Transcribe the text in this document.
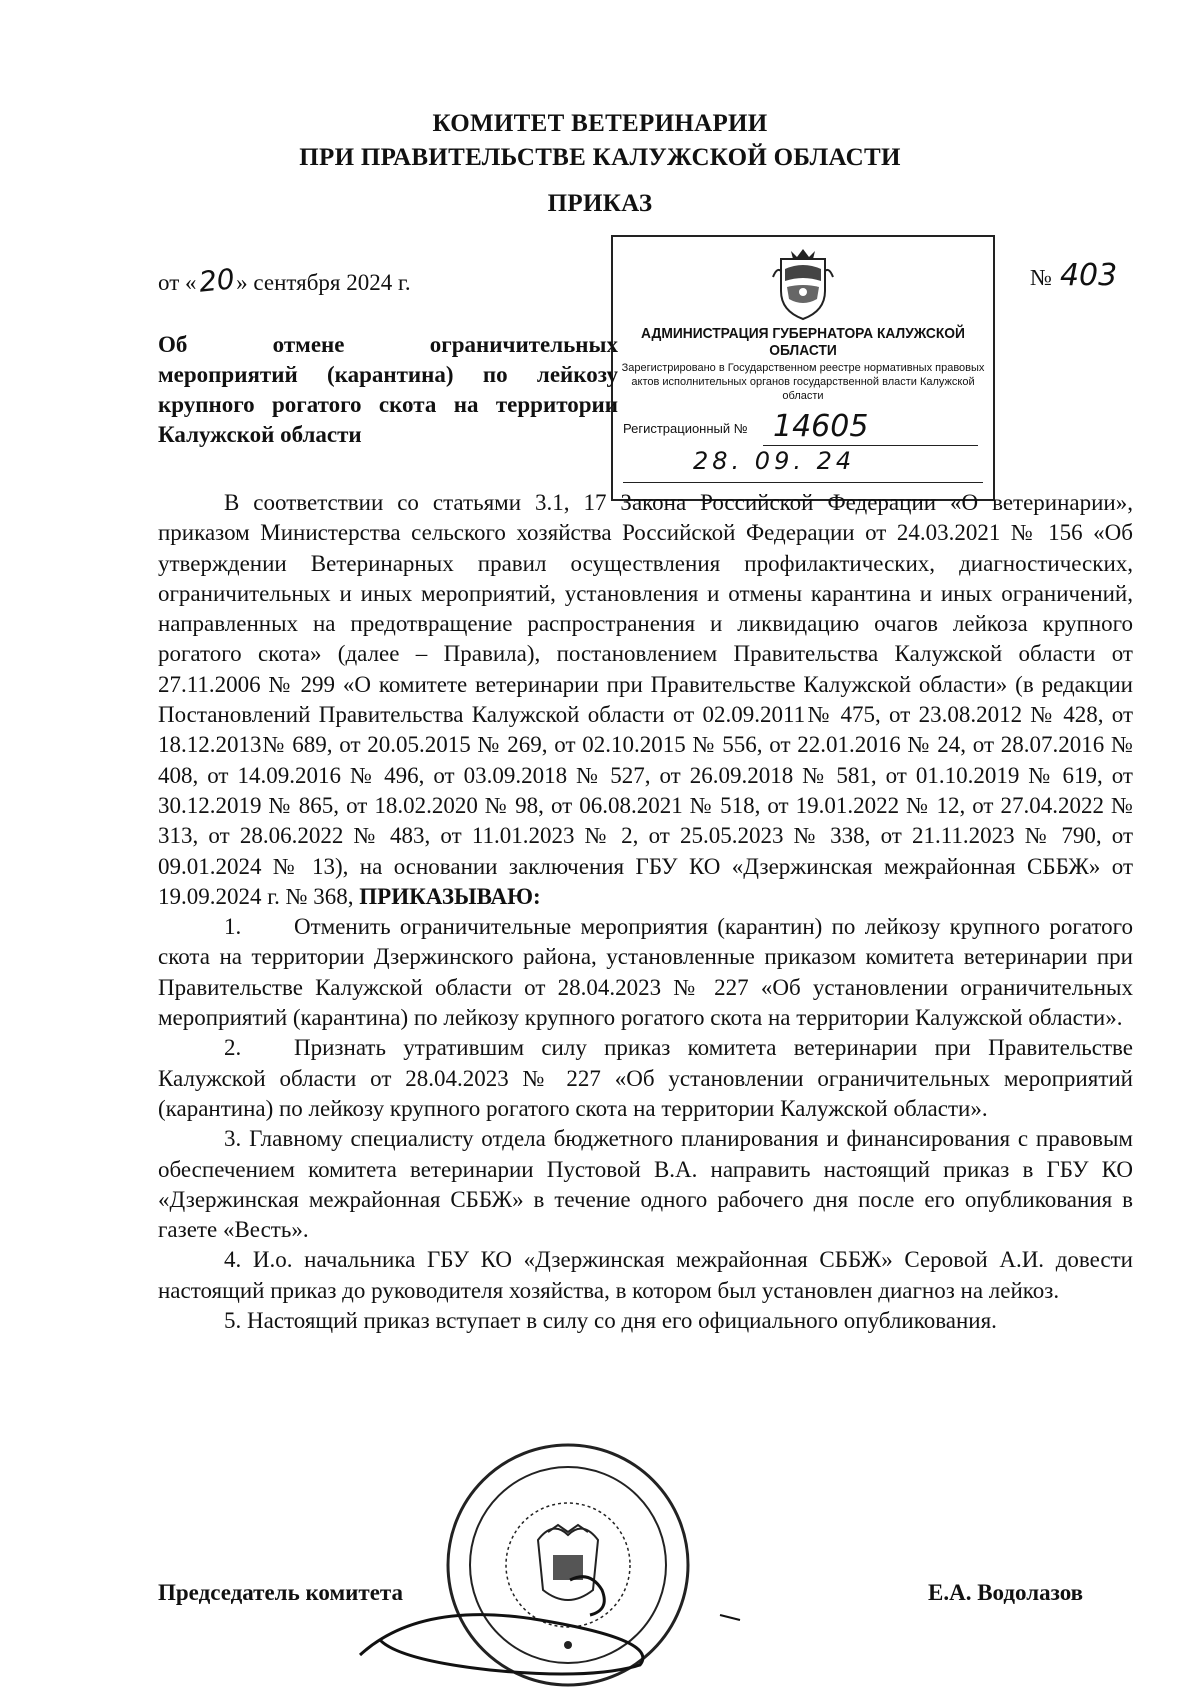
КОМИТЕТ ВЕТЕРИНАРИИ
ПРИ ПРАВИТЕЛЬСТВЕ КАЛУЖСКОЙ ОБЛАСТИ
ПРИКАЗ
от «20» сентября 2024 г.	№ 403
АДМИНИСТРАЦИЯ ГУБЕРНАТОРА КАЛУЖСКОЙ ОБЛАСТИ
Зарегистрировано в Государственном реестре нормативных правовых актов исполнительных органов государственной власти Калужской области
Регистрационный № 14605
28. 09. 24
Об отмене ограничительных
мероприятий (карантина) по лейкозу
крупного рогатого скота на территории
Калужской области

В соответствии со статьями 3.1, 17 Закона Российской Федерации «О ветеринарии», приказом Министерства сельского хозяйства Российской Федерации от 24.03.2021 № 156 «Об утверждении Ветеринарных правил осуществления профилактических, диагностических, ограничительных и иных мероприятий, установления и отмены карантина и иных ограничений, направленных на предотвращение распространения и ликвидацию очагов лейкоза крупного рогатого скота» (далее – Правила), постановлением Правительства Калужской области от 27.11.2006 № 299 «О комитете ветеринарии при Правительстве Калужской области» (в редакции Постановлений Правительства Калужской области от 02.09.2011№ 475, от 23.08.2012 № 428, от 18.12.2013№ 689, от 20.05.2015 № 269, от 02.10.2015 № 556, от 22.01.2016 № 24, от 28.07.2016 № 408, от 14.09.2016 № 496, от 03.09.2018 № 527, от 26.09.2018 № 581, от 01.10.2019 № 619, от 30.12.2019 № 865, от 18.02.2020 № 98, от 06.08.2021 № 518, от 19.01.2022 № 12, от 27.04.2022 № 313, от 28.06.2022 № 483, от 11.01.2023 № 2, от 25.05.2023 № 338, от 21.11.2023 № 790, от 09.01.2024 № 13), на основании заключения ГБУ КО «Дзержинская межрайонная СББЖ» от 19.09.2024 г. № 368, ПРИКАЗЫВАЮ:

1. Отменить ограничительные мероприятия (карантин) по лейкозу крупного рогатого скота на территории Дзержинского района, установленные приказом комитета ветеринарии при Правительстве Калужской области от 28.04.2023 № 227 «Об установлении ограничительных мероприятий (карантина) по лейкозу крупного рогатого скота на территории Калужской области».

2. Признать утратившим силу приказ комитета ветеринарии при Правительстве Калужской области от 28.04.2023 № 227 «Об установлении ограничительных мероприятий (карантина) по лейкозу крупного рогатого скота на территории Калужской области».

3. Главному специалисту отдела бюджетного планирования и финансирования с правовым обеспечением комитета ветеринарии Пустовой В.А. направить настоящий приказ в ГБУ КО «Дзержинская межрайонная СББЖ» в течение одного рабочего дня после его опубликования в газете «Весть».

4. И.о. начальника ГБУ КО «Дзержинская межрайонная СББЖ» Серовой А.И. довести настоящий приказ до руководителя хозяйства, в котором был установлен диагноз на лейкоз.

5. Настоящий приказ вступает в силу со дня его официального опубликования.

Председатель комитета	Е.А. Водолазов
